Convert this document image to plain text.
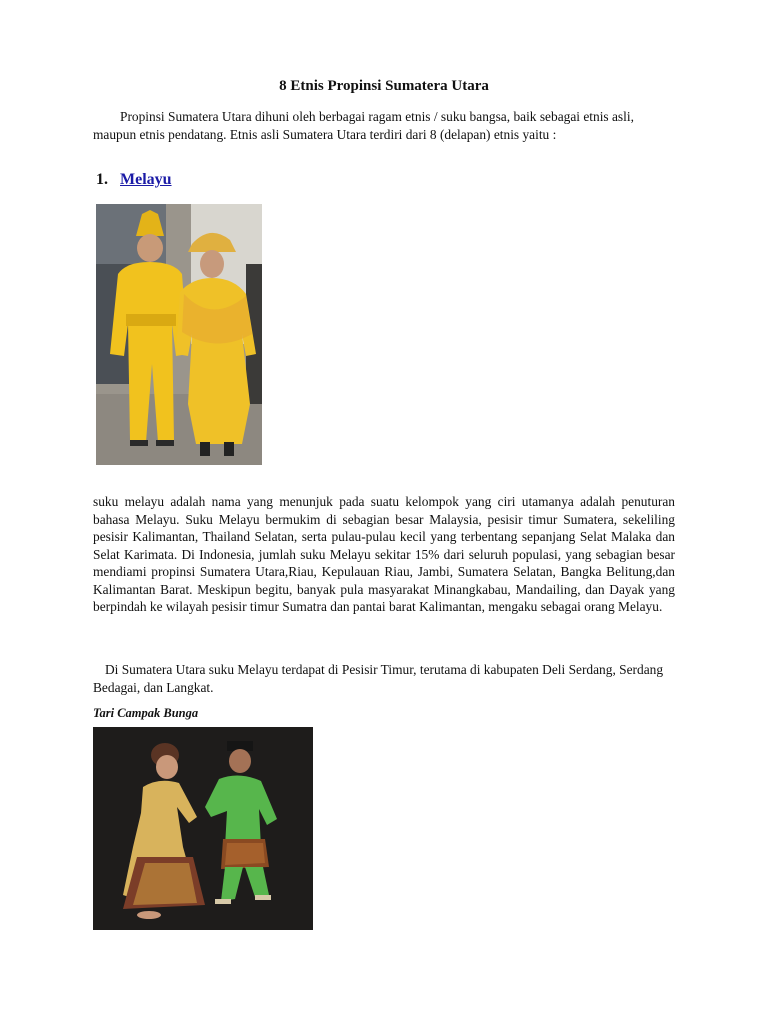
8 Etnis Propinsi Sumatera Utara

Propinsi Sumatera Utara dihuni oleh berbagai ragam etnis / suku bangsa, baik sebagai etnis asli, maupun etnis pendatang. Etnis asli Sumatera Utara terdiri dari 8 (delapan) etnis yaitu :

1. Melayu

suku melayu adalah nama yang menunjuk pada suatu kelompok yang ciri utamanya adalah penuturan bahasa Melayu. Suku Melayu bermukim di sebagian besar Malaysia, pesisir timur Sumatera, sekeliling pesisir Kalimantan, Thailand Selatan, serta pulau-pulau kecil yang terbentang sepanjang Selat Malaka dan Selat Karimata. Di Indonesia, jumlah suku Melayu sekitar 15% dari seluruh populasi, yang sebagian besar mendiami propinsi Sumatera Utara,Riau, Kepulauan Riau, Jambi, Sumatera Selatan, Bangka Belitung,dan Kalimantan Barat. Meskipun begitu, banyak pula masyarakat Minangkabau, Mandailing, dan Dayak yang berpindah ke wilayah pesisir timur Sumatra dan pantai barat Kalimantan, mengaku sebagai orang Melayu.

Di Sumatera Utara suku Melayu terdapat di Pesisir Timur, terutama di kabupaten Deli Serdang, Serdang Bedagai, dan Langkat.

Tari Campak Bunga
